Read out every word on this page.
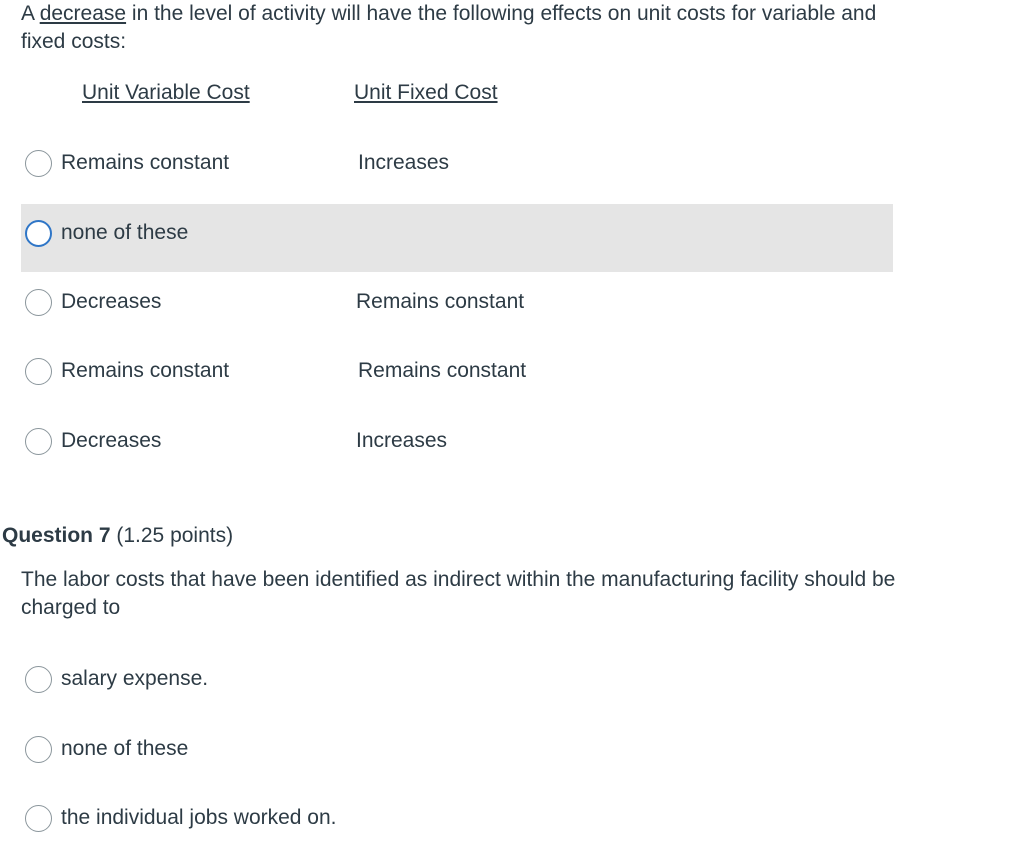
A decrease in the level of activity will have the following effects on unit costs for variable and fixed costs:

Unit Variable Cost	Unit Fixed Cost
Remains constant	Increases
none of these
Decreases	Remains constant
Remains constant	Remains constant
Decreases	Increases
Question 7 (1.25 points)

The labor costs that have been identified as indirect within the manufacturing facility should be charged to

salary expense.
none of these
the individual jobs worked on.
